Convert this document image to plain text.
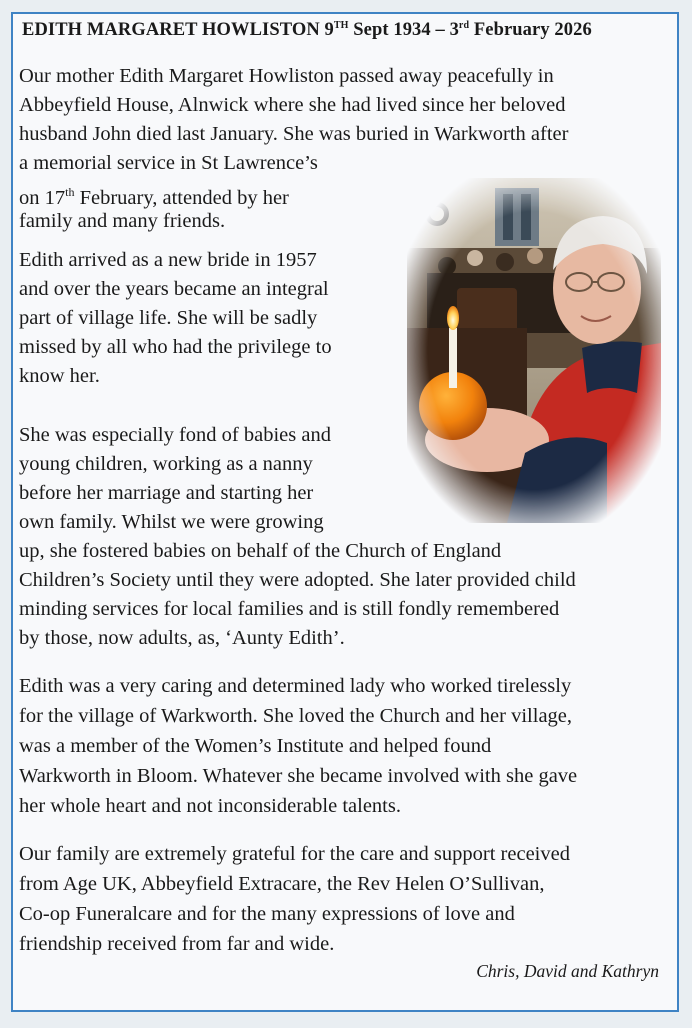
EDITH MARGARET HOWLISTON 9TH Sept 1934 – 3rd February 2026
Our mother Edith Margaret Howliston passed away peacefully in
Abbeyfield House, Alnwick where she had lived since her beloved
husband John died last January. She was buried in Warkworth after
a memorial service in St Lawrence’s
on 17th February, attended by her
family and many friends.
Edith arrived as a new bride in 1957
and over the years became an integral
part of village life. She will be sadly
missed by all who had the privilege to
know her.
She was especially fond of babies and
young children, working as a nanny
before her marriage and starting her
own family. Whilst we were growing
up, she fostered babies on behalf of the Church of England
Children’s Society until they were adopted. She later provided child
minding services for local families and is still fondly remembered
by those, now adults, as, ‘Aunty Edith’.
Edith was a very caring and determined lady who worked tirelessly
for the village of Warkworth. She loved the Church and her village,
was a member of the Women’s Institute and helped found
Warkworth in Bloom. Whatever she became involved with she gave
her whole heart and not inconsiderable talents.
Our family are extremely grateful for the care and support received
from Age UK, Abbeyfield Extracare, the Rev Helen O’Sullivan,
Co-op Funeralcare and for the many expressions of love and
friendship received from far and wide.
Chris, David and Kathryn
